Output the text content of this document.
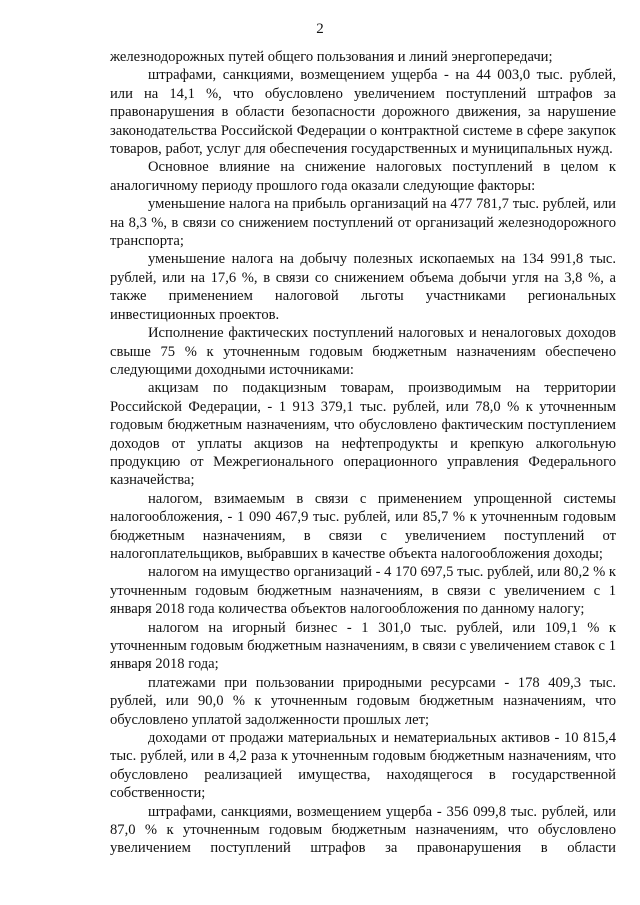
2

железнодорожных путей общего пользования и линий энергопередачи;

штрафами, санкциями, возмещением ущерба - на 44 003,0 тыс. рублей, или на 14,1 %, что обусловлено увеличением поступлений штрафов за правонарушения в области безопасности дорожного движения, за нарушение законодательства Российской Федерации о контрактной системе в сфере закупок товаров, работ, услуг для обеспечения государственных и муниципальных нужд.

Основное влияние на снижение налоговых поступлений в целом к аналогичному периоду прошлого года оказали следующие факторы:

уменьшение налога на прибыль организаций на 477 781,7 тыс. рублей, или на 8,3 %, в связи со снижением поступлений от организаций железнодорожного транспорта;

уменьшение налога на добычу полезных ископаемых на 134 991,8 тыс. рублей, или на 17,6 %, в связи со снижением объема добычи угля на 3,8 %, а также применением налоговой льготы участниками региональных инвестиционных проектов.

Исполнение фактических поступлений налоговых и неналоговых доходов свыше 75 % к уточненным годовым бюджетным назначениям обеспечено следующими доходными источниками:

акцизам по подакцизным товарам, производимым на территории Российской Федерации, - 1 913 379,1 тыс. рублей, или 78,0 % к уточненным годовым бюджетным назначениям, что обусловлено фактическим поступлением доходов от уплаты акцизов на нефтепродукты и крепкую алкогольную продукцию от Межрегионального операционного управления Федерального казначейства;

налогом, взимаемым в связи с применением упрощенной системы налогообложения, - 1 090 467,9 тыс. рублей, или 85,7 % к уточненным годовым бюджетным назначениям, в связи с увеличением поступлений от налогоплательщиков, выбравших в качестве объекта налогообложения доходы;

налогом на имущество организаций - 4 170 697,5 тыс. рублей, или 80,2 % к уточненным годовым бюджетным назначениям, в связи с увеличением с 1 января 2018 года количества объектов налогообложения по данному налогу;

налогом на игорный бизнес - 1 301,0 тыс. рублей, или 109,1 % к уточненным годовым бюджетным назначениям, в связи с увеличением ставок с 1 января 2018 года;

платежами при пользовании природными ресурсами - 178 409,3 тыс. рублей, или 90,0 % к уточненным годовым бюджетным назначениям, что обусловлено уплатой задолженности прошлых лет;

доходами от продажи материальных и нематериальных активов - 10 815,4 тыс. рублей, или в 4,2 раза к уточненным годовым бюджетным назначениям, что обусловлено реализацией имущества, находящегося в государственной собственности;

штрафами, санкциями, возмещением ущерба - 356 099,8 тыс. рублей, или 87,0 % к уточненным годовым бюджетным назначениям, что обусловлено увеличением поступлений штрафов за правонарушения в области
